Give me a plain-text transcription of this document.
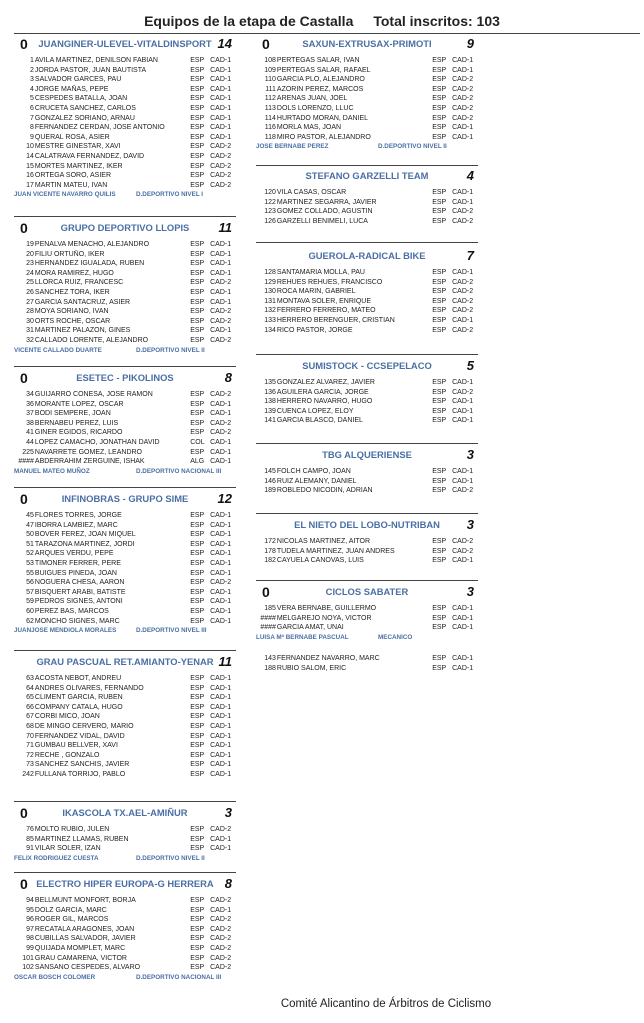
Equipos de la etapa de Castalla Total inscritos: 103
Comité Alicantino de Árbitros de Ciclismo
0	JUANGINER-ULEVEL-VITALDINSPORT 14
1 AVILA MARTINEZ, DENILSON FABIAN	ESP CAD-1
2 JORDA PASTOR, JUAN BAUTISTA	ESP CAD-1
3 SALVADOR GARCES, PAU	ESP CAD-1
4 JORGE MAÑAS, PEPE	ESP CAD-1
5 CESPEDES BATALLA, JOAN	ESP CAD-1
6 CRUCETA SANCHEZ, CARLOS	ESP CAD-1
7 GONZALEZ SORIANO, ARNAU	ESP CAD-1
8 FERNANDEZ CERDAN, JOSE ANTONIO	ESP CAD-1
9 QUERAL ROSA, ASIER	ESP CAD-1
10 MESTRE GINESTAR, XAVI	ESP CAD-2
14 CALATRAVA FERNANDEZ, DAVID	ESP CAD-2
15 MORTES MARTINEZ, IKER	ESP CAD-2
16 ORTEGA SORO, ASIER	ESP CAD-2
17 MARTIN MATEU, IVAN	ESP CAD-2
JUAN VICENTE NAVARRO QUILIS	D.DEPORTIVO NIVEL I
0	GRUPO DEPORTIVO LLOPIS	11
19 PENALVA MENACHO, ALEJANDRO	ESP CAD-1
20 FILIU ORTUÑO, IKER	ESP CAD-1
23 HERNANDEZ IGUALADA, RUBEN	ESP CAD-1
24 MORA RAMIREZ, HUGO	ESP CAD-1
25 LLORCA RUIZ, FRANCESC	ESP CAD-2
26 SANCHEZ TORA, IKER	ESP CAD-1
27 GARCIA SANTACRUZ, ASIER	ESP CAD-1
28 MOYA SORIANO, IVAN	ESP CAD-2
30 ORTS ROCHE, OSCAR	ESP CAD-2
31 MARTINEZ PALAZON, GINES	ESP CAD-1
32 CALLADO LORENTE, ALEJANDRO	ESP CAD-2
VICENTE CALLADO DUARTE	D.DEPORTIVO NIVEL II
0	ESETEC - PIKOLINOS	8
34 GUIJARRO CONESA, JOSE RAMON	ESP CAD-2
36 MORANTE LOPEZ, OSCAR	ESP CAD-1
37 BODI SEMPERE, JOAN	ESP CAD-1
38 BERNABEU PEREZ, LUIS	ESP CAD-2
41 GINER EGIDOS, RICARDO	ESP CAD-2
44 LOPEZ CAMACHO, JONATHAN DAVID	COL CAD-1
225 NAVARRETE GOMEZ, LEANDRO	ESP CAD-1
#### ABDERRAHIM ZERGUINE, ISHAK	ALG CAD-1
MANUEL MATEO MUÑOZ	D.DEPORTIVO NACIONAL III
0	INFINOBRAS - GRUPO SIME	12
45 FLORES TORRES, JORGE	ESP CAD-1
47 IBORRA LAMBIEZ, MARC	ESP CAD-1
50 BOVER FEREZ, JOAN MIQUEL	ESP CAD-1
51 TARAZONA MARTINEZ, JORDI	ESP CAD-1
52 ARQUES VERDU, PEPE	ESP CAD-1
53 TIMONER FERRER, PERE	ESP CAD-1
55 BUIGUES PINEDA, JOAN	ESP CAD-1
56 NOGUERA CHESA, AARON	ESP CAD-2
57 BISQUERT ARABI, BATISTE	ESP CAD-1
59 PEDROS SIGNES, ANTONI	ESP CAD-1
60 PEREZ BAS, MARCOS	ESP CAD-1
62 MONCHO SIGNES, MARC	ESP CAD-1
JUANJOSE MENDIOLA MORALES	D.DEPORTIVO NIVEL III
GRAU PASCUAL RET.AMIANTO-YENAR 11
63 ACOSTA NEBOT, ANDREU	ESP CAD-1
64 ANDRES OLIVARES, FERNANDO	ESP CAD-1
65 CLIMENT GARCIA, RUBEN	ESP CAD-1
66 COMPANY CATALA, HUGO	ESP CAD-1
67 CORBI MICO, JOAN	ESP CAD-1
68 DE MINGO CERVERO, MARIO	ESP CAD-1
70 FERNANDEZ VIDAL, DAVID	ESP CAD-1
71 GUMBAU BELLVER, XAVI	ESP CAD-1
72 RECHE , GONZALO	ESP CAD-1
73 SANCHEZ SANCHIS, JAVIER	ESP CAD-1
242 FULLANA TORRIJO, PABLO	ESP CAD-1
0	IKASCOLA TX.AEL-AMIÑUR	3
76 MOLTO RUBIO, JULEN	ESP CAD-2
85 MARTINEZ LLAMAS, RUBEN	ESP CAD-1
91 VILAR SOLER, IZAN	ESP CAD-1
FELIX RODRIGUEZ CUESTA	D.DEPORTIVO NIVEL II
0 ELECTRO HIPER EUROPA-G HERRERA 8
94 BELLMUNT MONFORT, BORJA	ESP CAD-2
95 DOLZ GARCIA, MARC	ESP CAD-1
96 ROGER GIL, MARCOS	ESP CAD-2
97 RECATALA ARAGONES, JOAN	ESP CAD-2
98 CUBILLAS SALVADOR, JAVIER	ESP CAD-2
99 QUIJADA MOMPLET, MARC	ESP CAD-2
101 GRAU CAMARENA, VICTOR	ESP CAD-2
102 SANSANO CESPEDES, ALVARO	ESP CAD-2
OSCAR BOSCH COLOMER	D.DEPORTIVO NACIONAL III
0	SAXUN-EXTRUSAX-PRIMOTI	9
108 PERTEGAS SALAR, IVAN	ESP CAD-1
109 PERTEGAS SALAR, RAFAEL	ESP CAD-1
110 GARCIA PLO, ALEJANDRO	ESP CAD-2
111 AZORIN PEREZ, MARCOS	ESP CAD-2
112 ARENAS JUAN, JOEL	ESP CAD-2
113 DOLS LORENZO, LLUC	ESP CAD-2
114 HURTADO MORAN, DANIEL	ESP CAD-2
116 MORLA MAS, JOAN	ESP CAD-1
118 MIRO PASTOR, ALEJANDRO	ESP CAD-1
JOSE BERNABE PEREZ	D.DEPORTIVO NIVEL II
STEFANO GARZELLI TEAM	4
120 VILA CASAS, OSCAR	ESP CAD-1
122 MARTINEZ SEGARRA, JAVIER	ESP CAD-1
123 GOMEZ COLLADO, AGUSTIN	ESP CAD-2
126 GARZELLI BENIMELI, LUCA	ESP CAD-2
GUEROLA-RADICAL BIKE	7
128 SANTAMARIA MOLLA, PAU	ESP CAD-1
129 REHUES REHUES, FRANCISCO	ESP CAD-2
130 ROCA MARIN, GABRIEL	ESP CAD-2
131 MONTAVA SOLER, ENRIQUE	ESP CAD-2
132 FERRERO FERRERO, MATEO	ESP CAD-2
133 HERRERO BERENGUER, CRISTIAN	ESP CAD-1
134 RICO PASTOR, JORGE	ESP CAD-2
SUMISTOCK - CCSEPELACO	5
135 GONZALEZ ALVAREZ, JAVIER	ESP CAD-1
136 AGUILERA GARCIA, JORGE	ESP CAD-2
138 HERRERO NAVARRO, HUGO	ESP CAD-1
139 CUENCA LOPEZ, ELOY	ESP CAD-1
141 GARCIA BLASCO, DANIEL	ESP CAD-1
TBG ALQUERIENSE	3
145 FOLCH CAMPO, JOAN	ESP CAD-1
146 RUIZ ALEMANY, DANIEL	ESP CAD-1
189 ROBLEDO NICODIN, ADRIAN	ESP CAD-2
EL NIETO DEL LOBO-NUTRIBAN	3
172 NICOLAS MARTINEZ, AITOR	ESP CAD-2
178 TUDELA MARTINEZ, JUAN ANDRES	ESP CAD-2
182 CAYUELA CANOVAS, LUIS	ESP CAD-1
0	CICLOS SABATER	3
185 VERA BERNABE, GUILLERMO	ESP CAD-1
#### MELGAREJO NOYA, VICTOR	ESP CAD-1
#### GARCIA AMAT, UNAI	ESP CAD-1
LUISA Mª BERNABE PASCUAL	MECANICO
143 FERNANDEZ NAVARRO, MARC	ESP CAD-1
188 RUBIO SALOM, ERIC	ESP CAD-1
